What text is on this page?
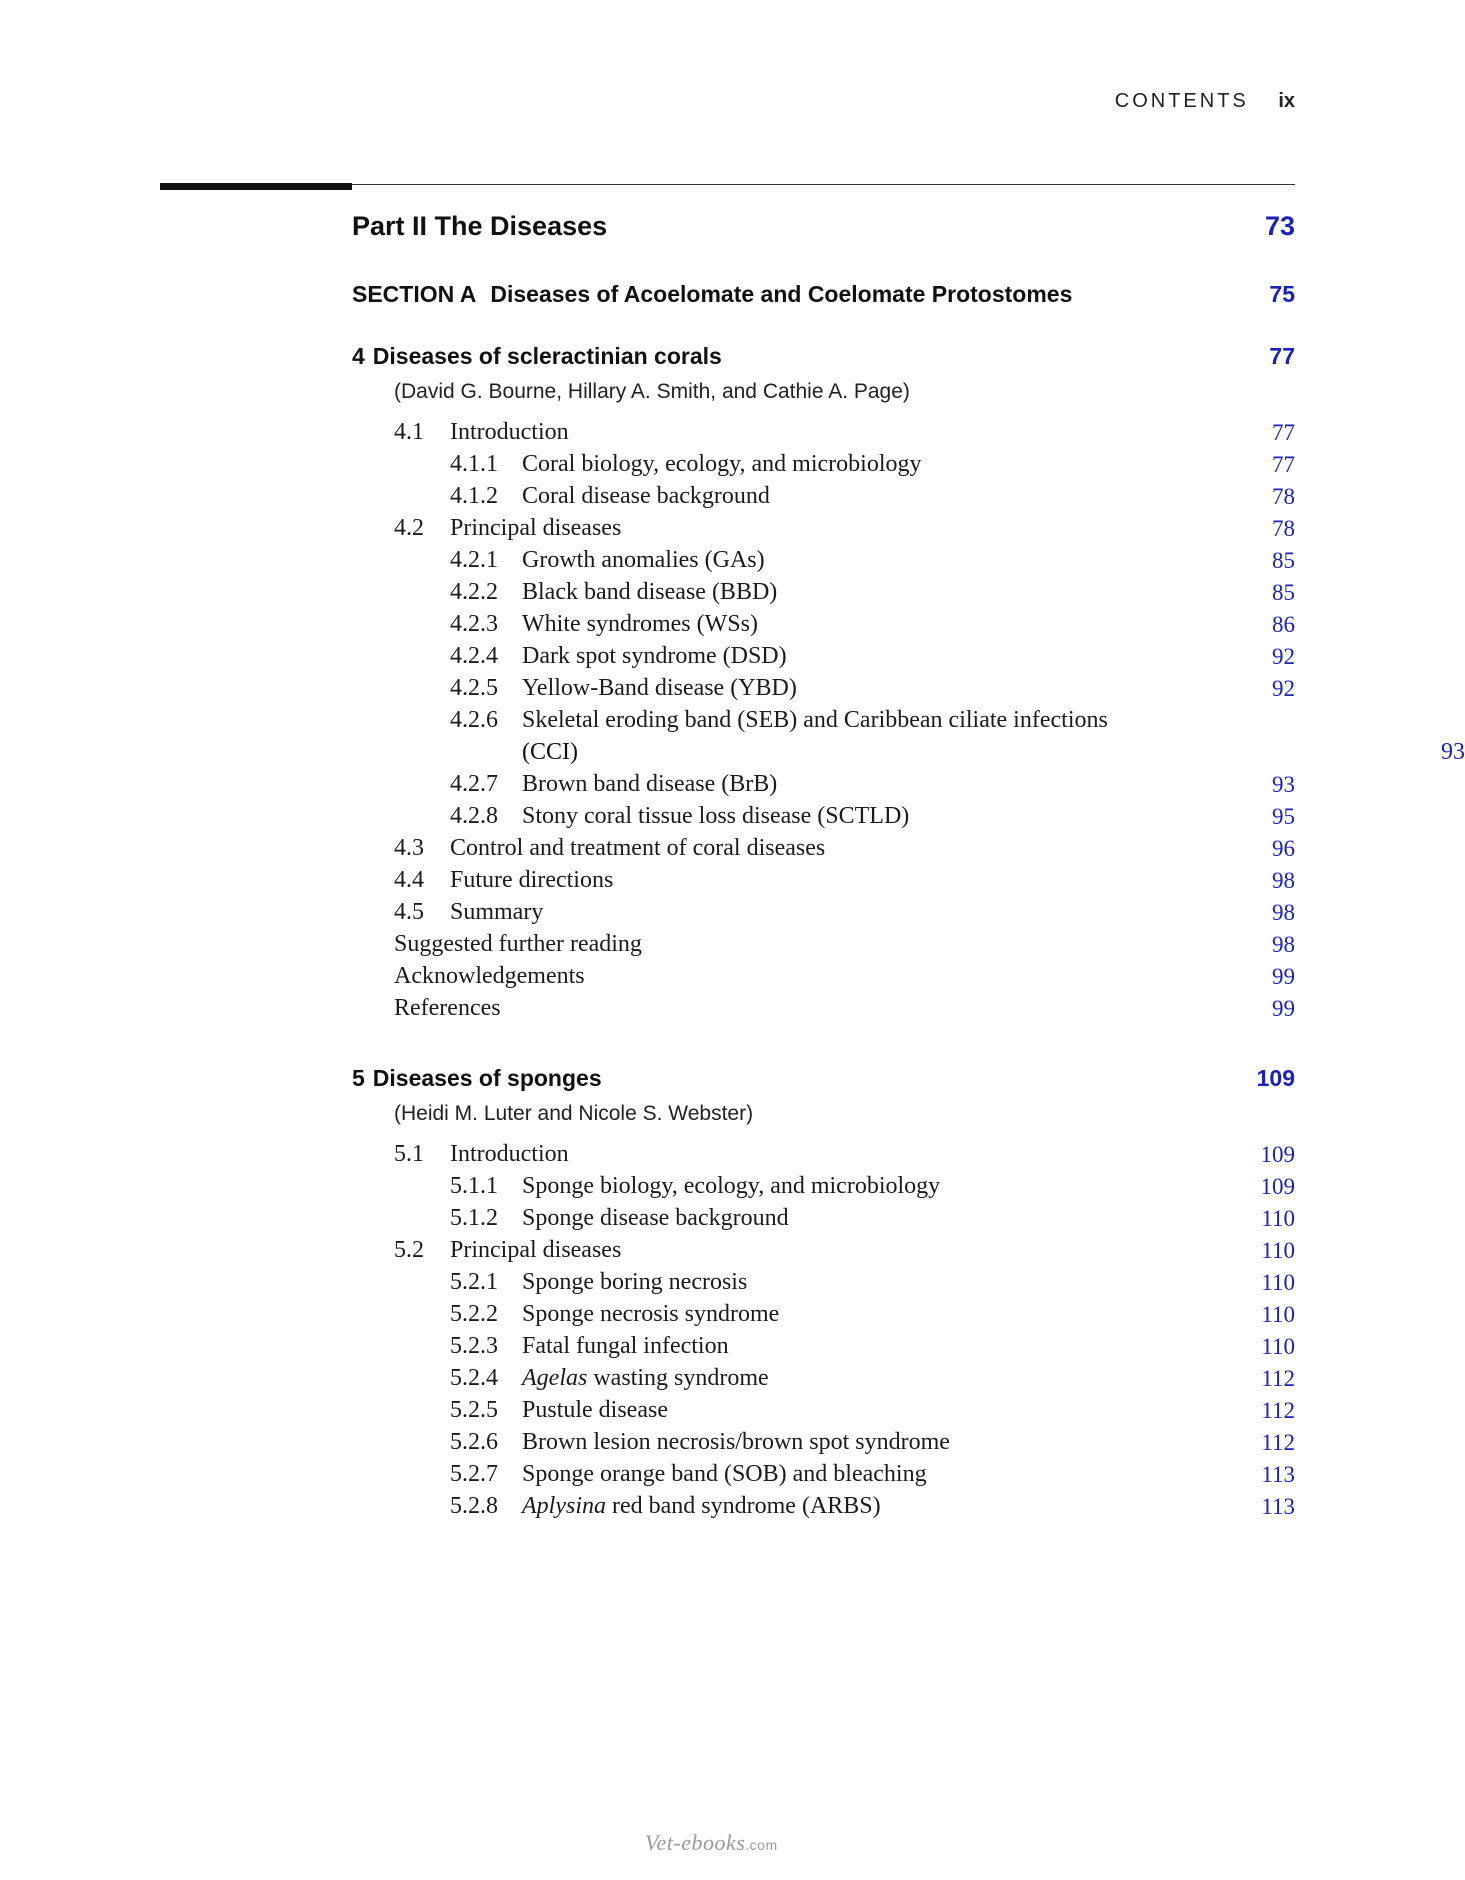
CONTENTS ix
Part II The Diseases	73
SECTION A Diseases of Acoelomate and Coelomate Protostomes	75
4 Diseases of scleractinian corals	77
(David G. Bourne, Hillary A. Smith, and Cathie A. Page)
4.1	Introduction	77
4.1.1	Coral biology, ecology, and microbiology	77
4.1.2	Coral disease background	78
4.2	Principal diseases	78
4.2.1	Growth anomalies (GAs)	85
4.2.2	Black band disease (BBD)	85
4.2.3	White syndromes (WSs)	86
4.2.4	Dark spot syndrome (DSD)	92
4.2.5	Yellow-Band disease (YBD)	92
4.2.6	Skeletal eroding band (SEB) and Caribbean ciliate infections
(CCI)	93
4.2.7	Brown band disease (BrB)	93
4.2.8	Stony coral tissue loss disease (SCTLD)	95
4.3	Control and treatment of coral diseases	96
4.4	Future directions	98
4.5	Summary	98
Suggested further reading	98
Acknowledgements	99
References	99
5 Diseases of sponges	109
(Heidi M. Luter and Nicole S. Webster)
5.1	Introduction	109
5.1.1	Sponge biology, ecology, and microbiology	109
5.1.2	Sponge disease background	110
5.2	Principal diseases	110
5.2.1	Sponge boring necrosis	110
5.2.2	Sponge necrosis syndrome	110
5.2.3	Fatal fungal infection	110
5.2.4	Agelas wasting syndrome	112
5.2.5	Pustule disease	112
5.2.6	Brown lesion necrosis/brown spot syndrome	112
5.2.7	Sponge orange band (SOB) and bleaching	113
5.2.8	Aplysina red band syndrome (ARBS)	113
Vet-ebooks.com
